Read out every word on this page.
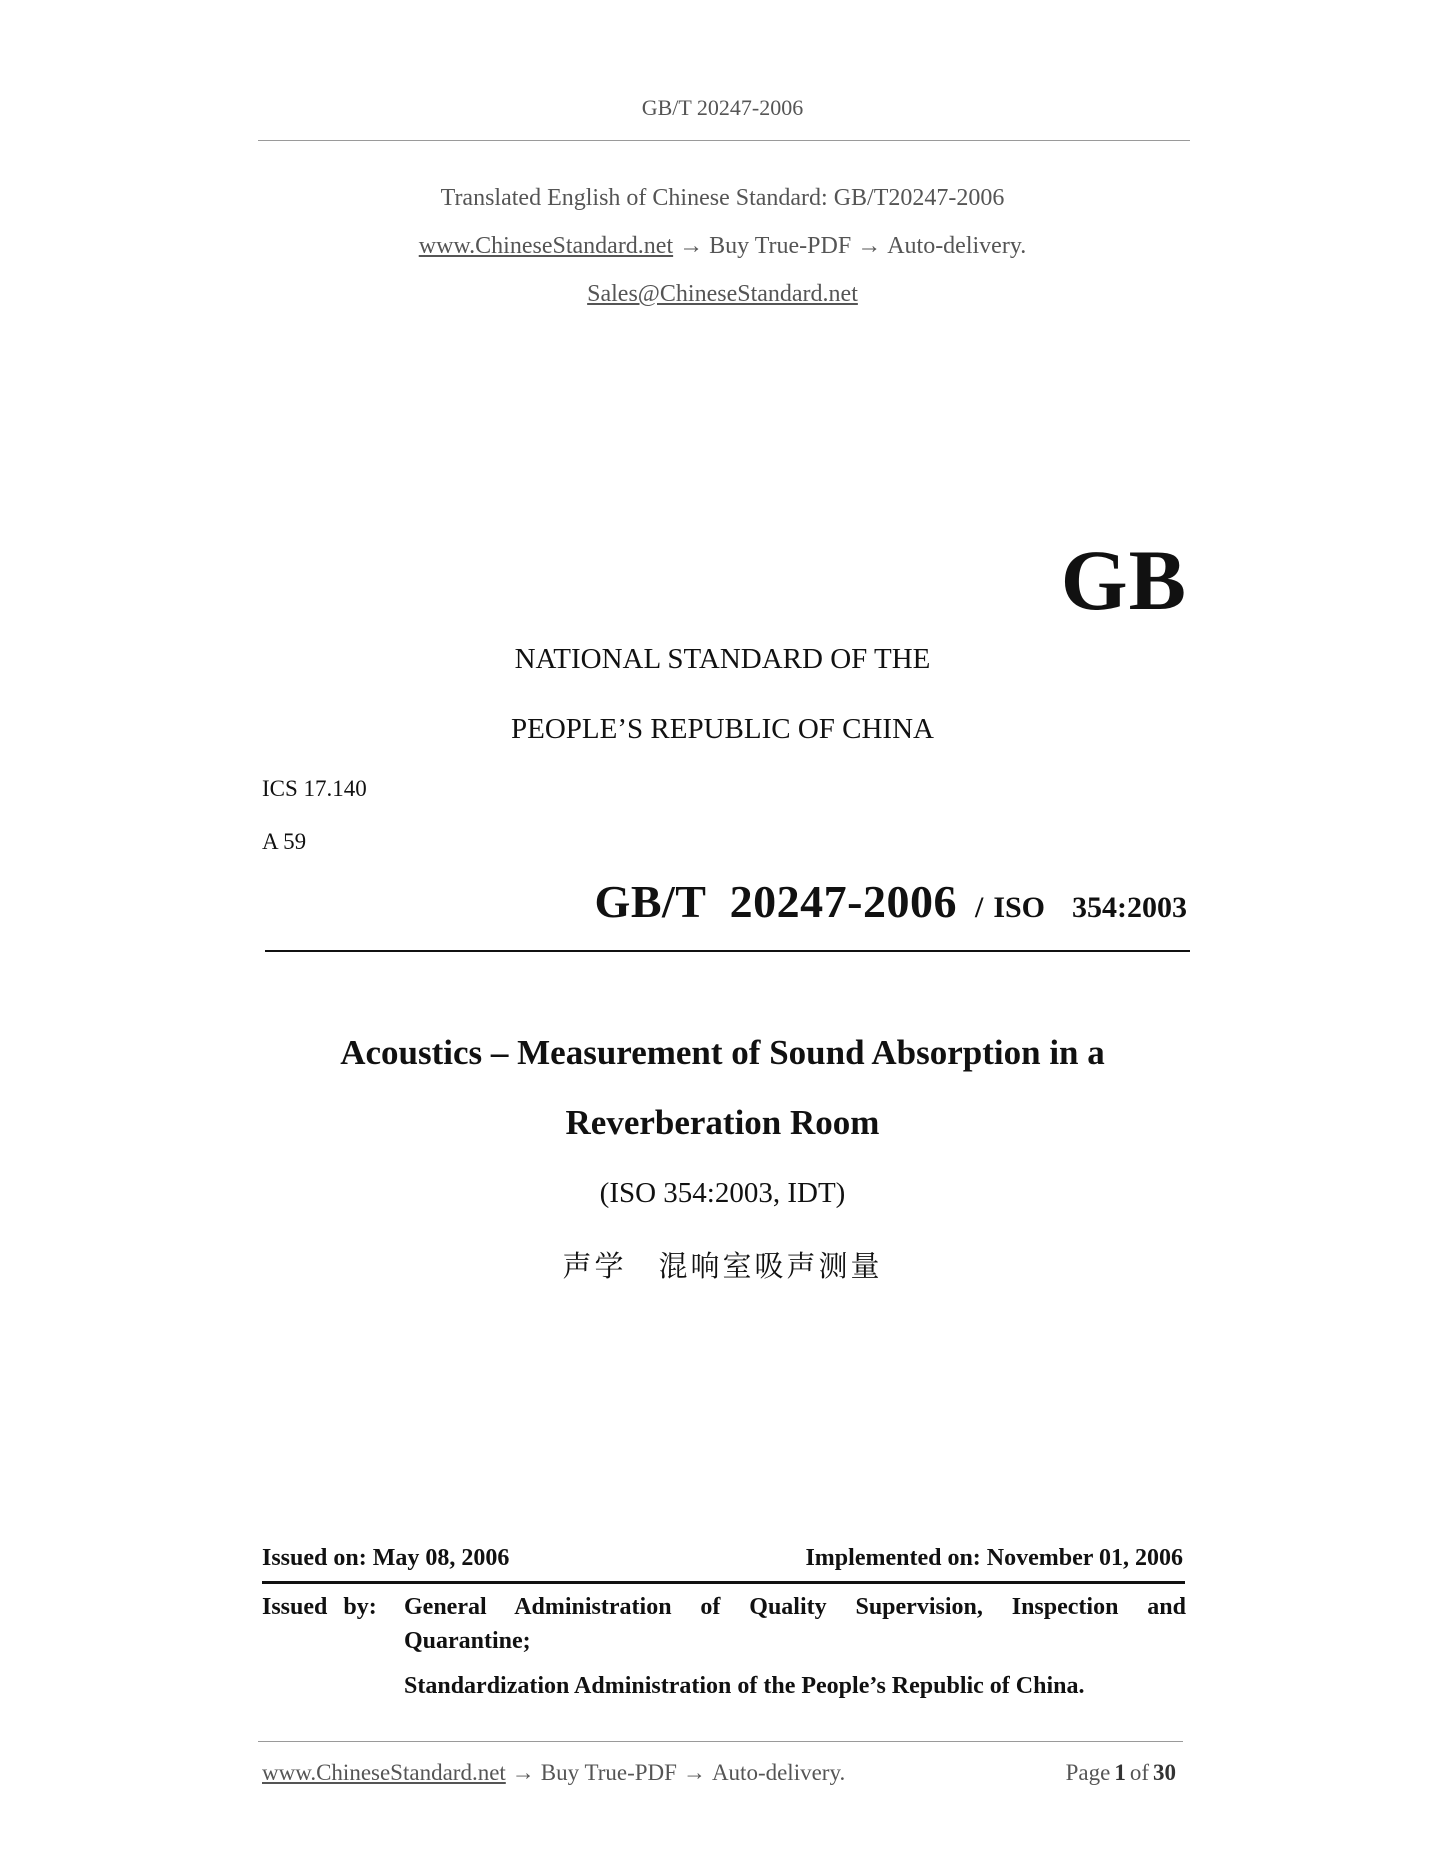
GB/T 20247-2006
Translated English of Chinese Standard: GB/T20247-2006
www.ChineseStandard.net → Buy True-PDF → Auto-delivery.
Sales@ChineseStandard.net
GB
NATIONAL STANDARD OF THE
PEOPLE’S REPUBLIC OF CHINA
ICS 17.140
A 59
GB/T  20247-2006 / ISO  354:2003
Acoustics – Measurement of Sound Absorption in a
Reverberation Room
(ISO 354:2003, IDT)
声学　混响室吸声测量
Issued on: May 08, 2006	Implemented on: November 01, 2006
Issued by:	General Administration of Quality Supervision, Inspection and Quarantine;
Standardization Administration of the People’s Republic of China.
www.ChineseStandard.net → Buy True-PDF → Auto-delivery.	Page 1 of 30
